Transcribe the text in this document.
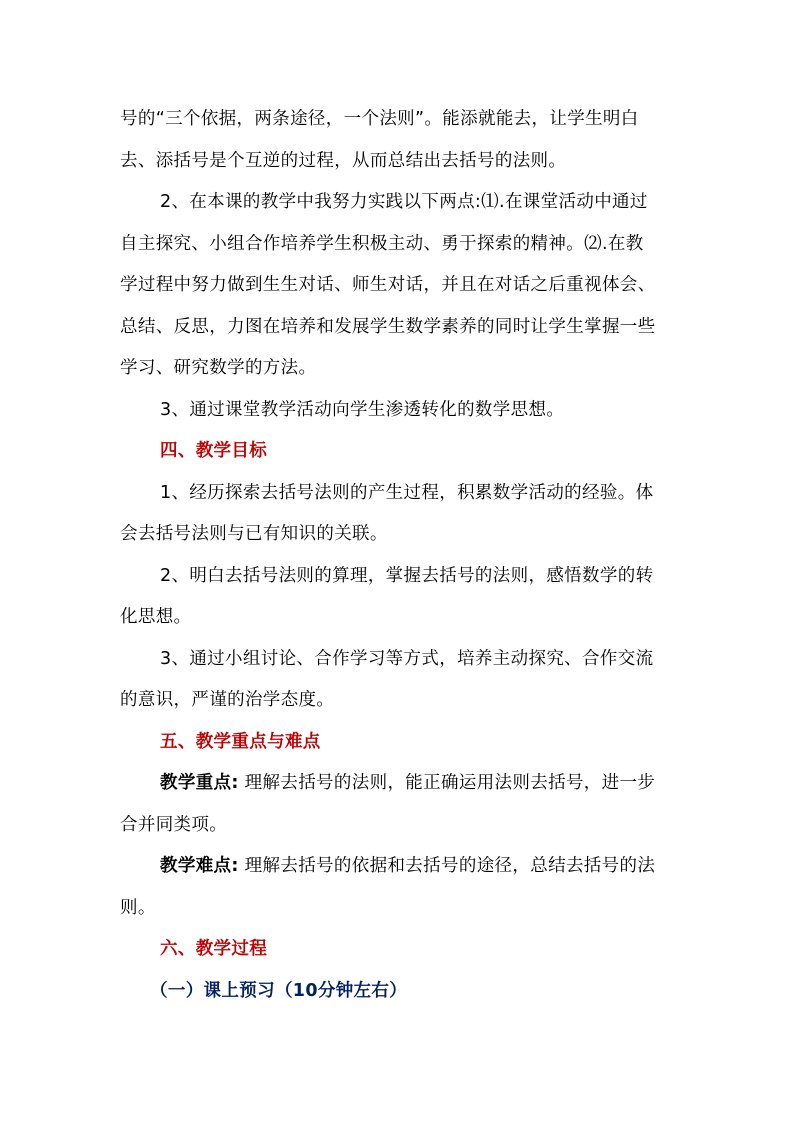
号的“三个依据，两条途径，一个法则”。能添就能去，让学生明白
去、添括号是个互逆的过程，从而总结出去括号的法则。
2、在本课的教学中我努力实践以下两点:⑴.在课堂活动中通过
自主探究、小组合作培养学生积极主动、勇于探索的精神。⑵.在教
学过程中努力做到生生对话、师生对话，并且在对话之后重视体会、
总结、反思，力图在培养和发展学生数学素养的同时让学生掌握一些
学习、研究数学的方法。
3、通过课堂教学活动向学生渗透转化的数学思想。
四、教学目标
1、经历探索去括号法则的产生过程，积累数学活动的经验。体
会去括号法则与已有知识的关联。
2、明白去括号法则的算理，掌握去括号的法则，感悟数学的转
化思想。
3、通过小组讨论、合作学习等方式，培养主动探究、合作交流
的意识，严谨的治学态度。
五、教学重点与难点
教学重点: 理解去括号的法则，能正确运用法则去括号，进一步
合并同类项。
教学难点: 理解去括号的依据和去括号的途径，总结去括号的法
则。
六、教学过程
（一）课上预习（10分钟左右）
